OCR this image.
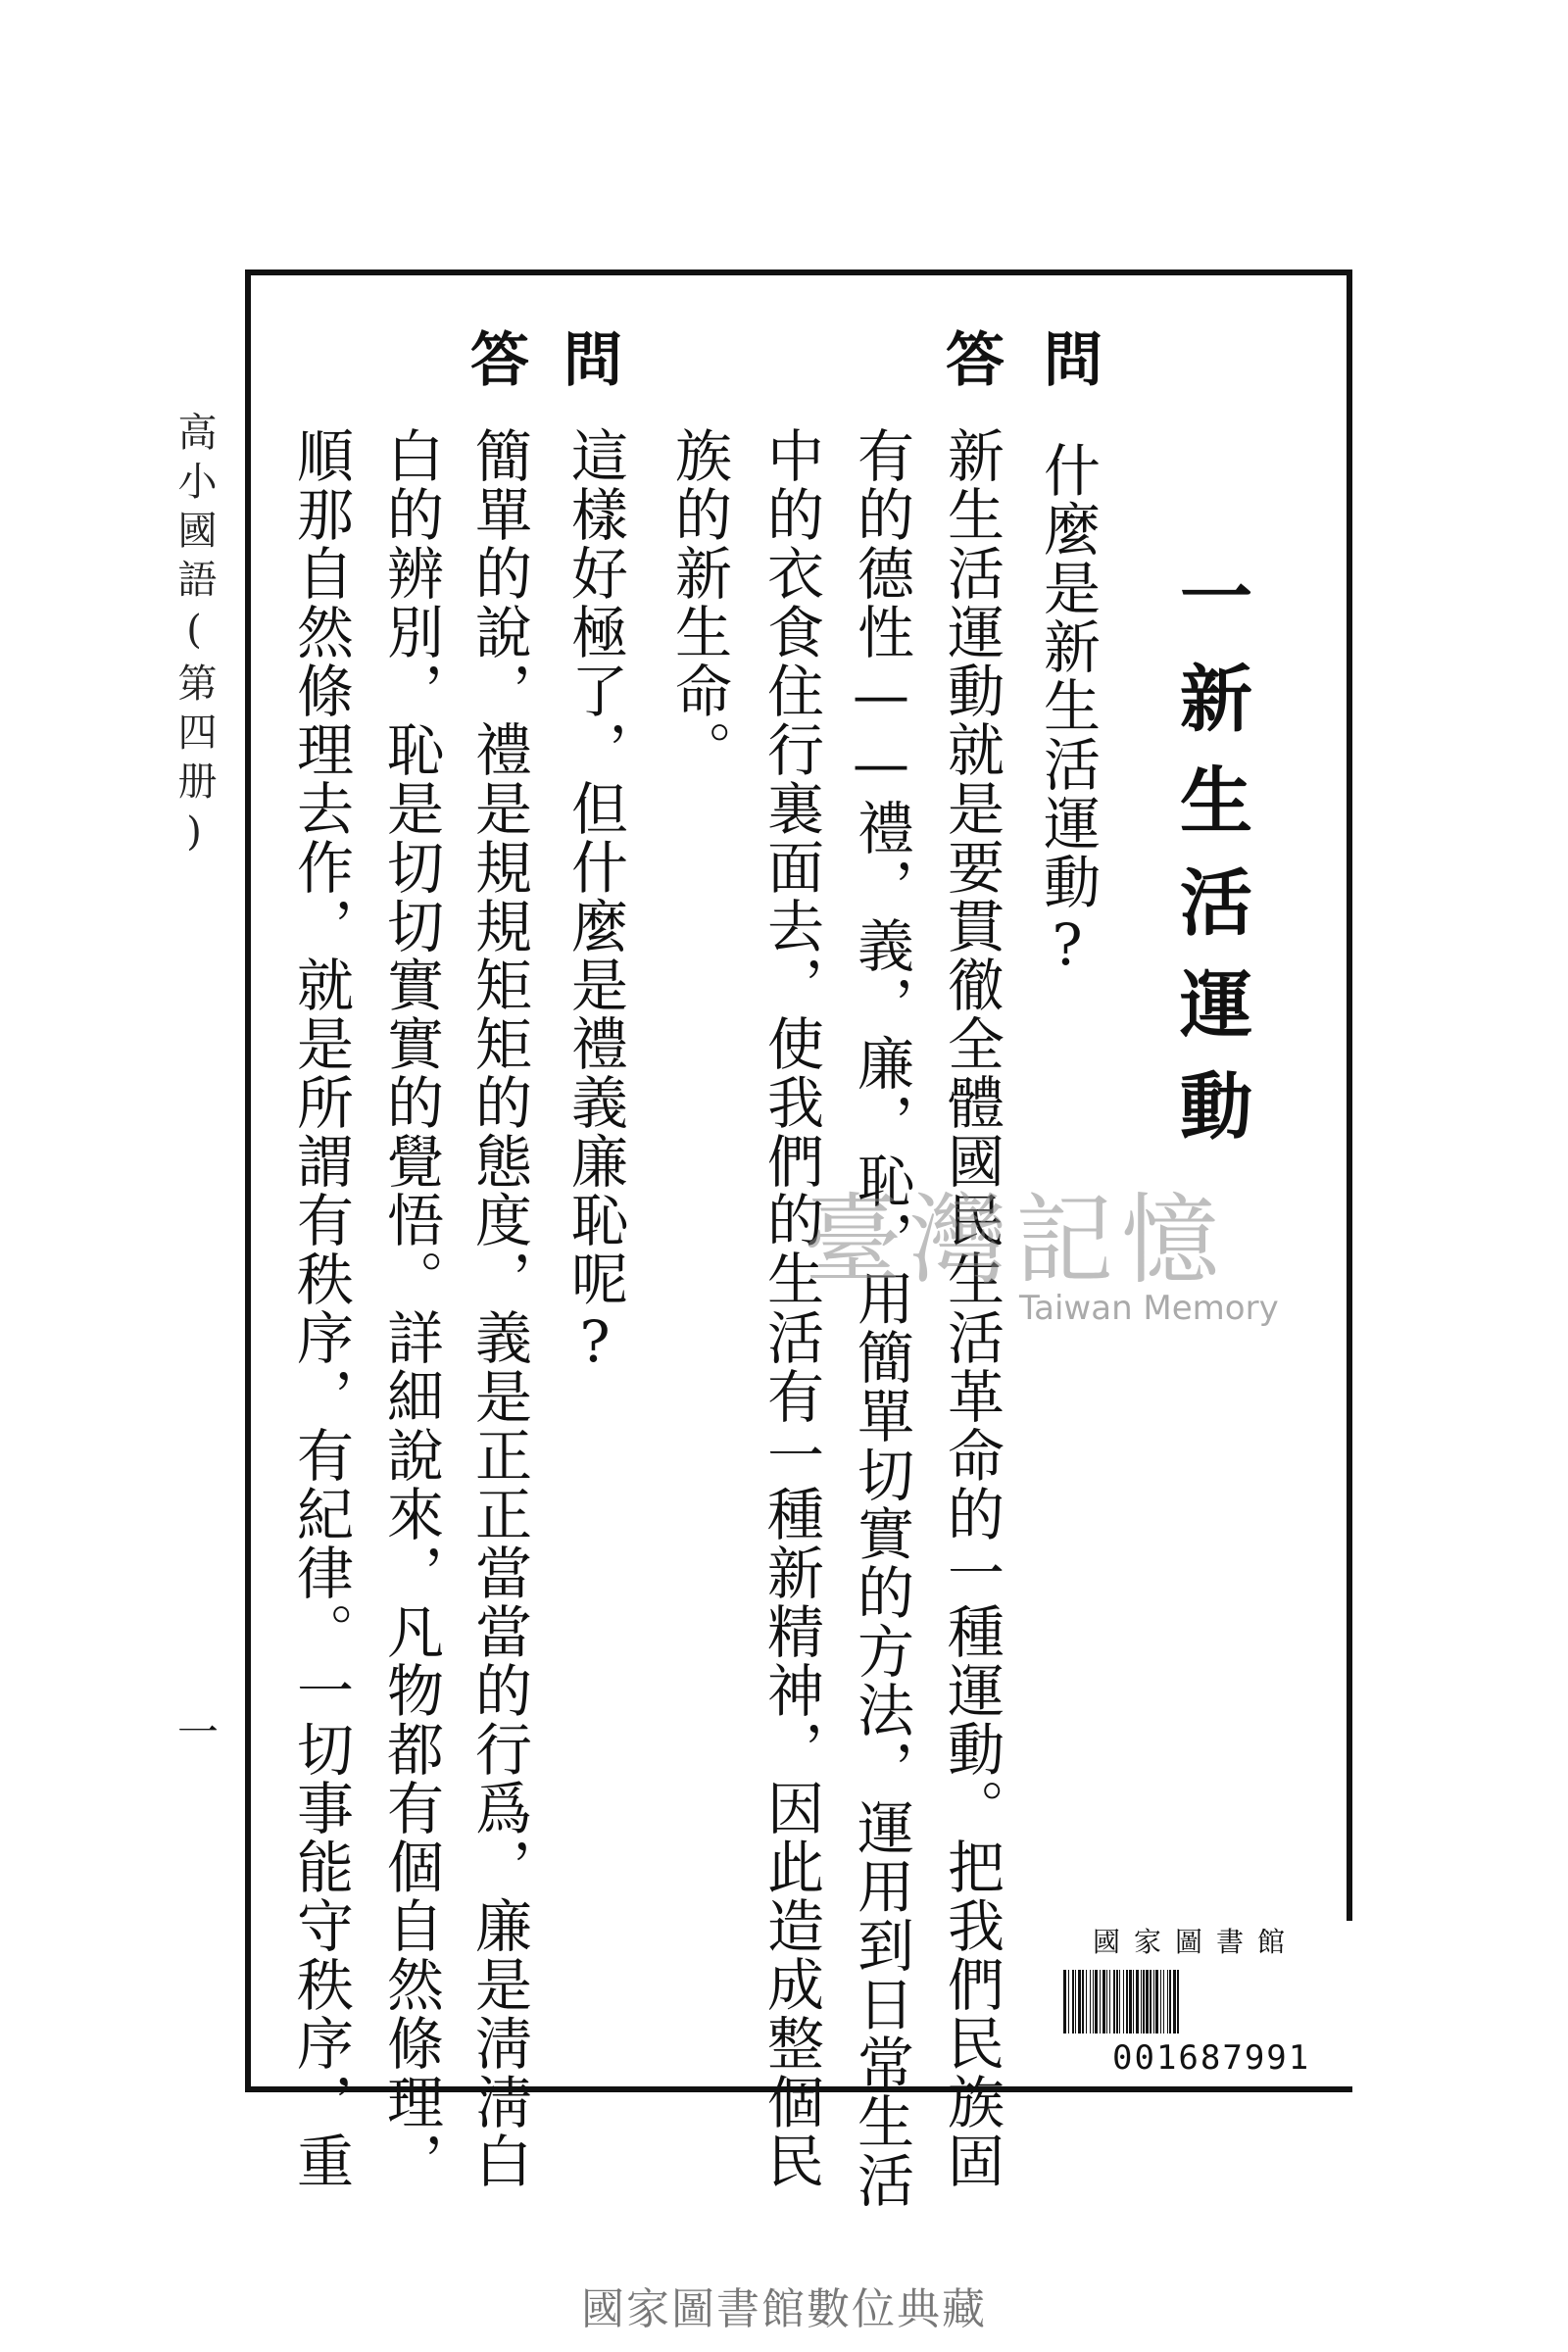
一新生活運動
問
答
問
答
什麼是新生活運動?
新生活運動就是要貫徹全體國民生活革命的一種運動。把我們民族固
有的德性——禮，義，廉，恥，用簡單切實的方法，運用到日常生活
中的衣食住行裏面去，使我們的生活有一種新精神，因此造成整個民
族的新生命。
這樣好極了，但什麼是禮義廉恥呢?
簡單的說，禮是規規矩矩的態度，義是正正當當的行爲，廉是淸淸白
白的辨別，恥是切切實實的覺悟。詳細說來，凡物都有個自然條理，
順那自然條理去作，就是所謂有秩序，有紀律。一切事能守秩序，重
高小國語(第四册)
一
臺灣記憶
Taiwan Memory
國家圖書館
001687991
國家圖書館數位典藏
